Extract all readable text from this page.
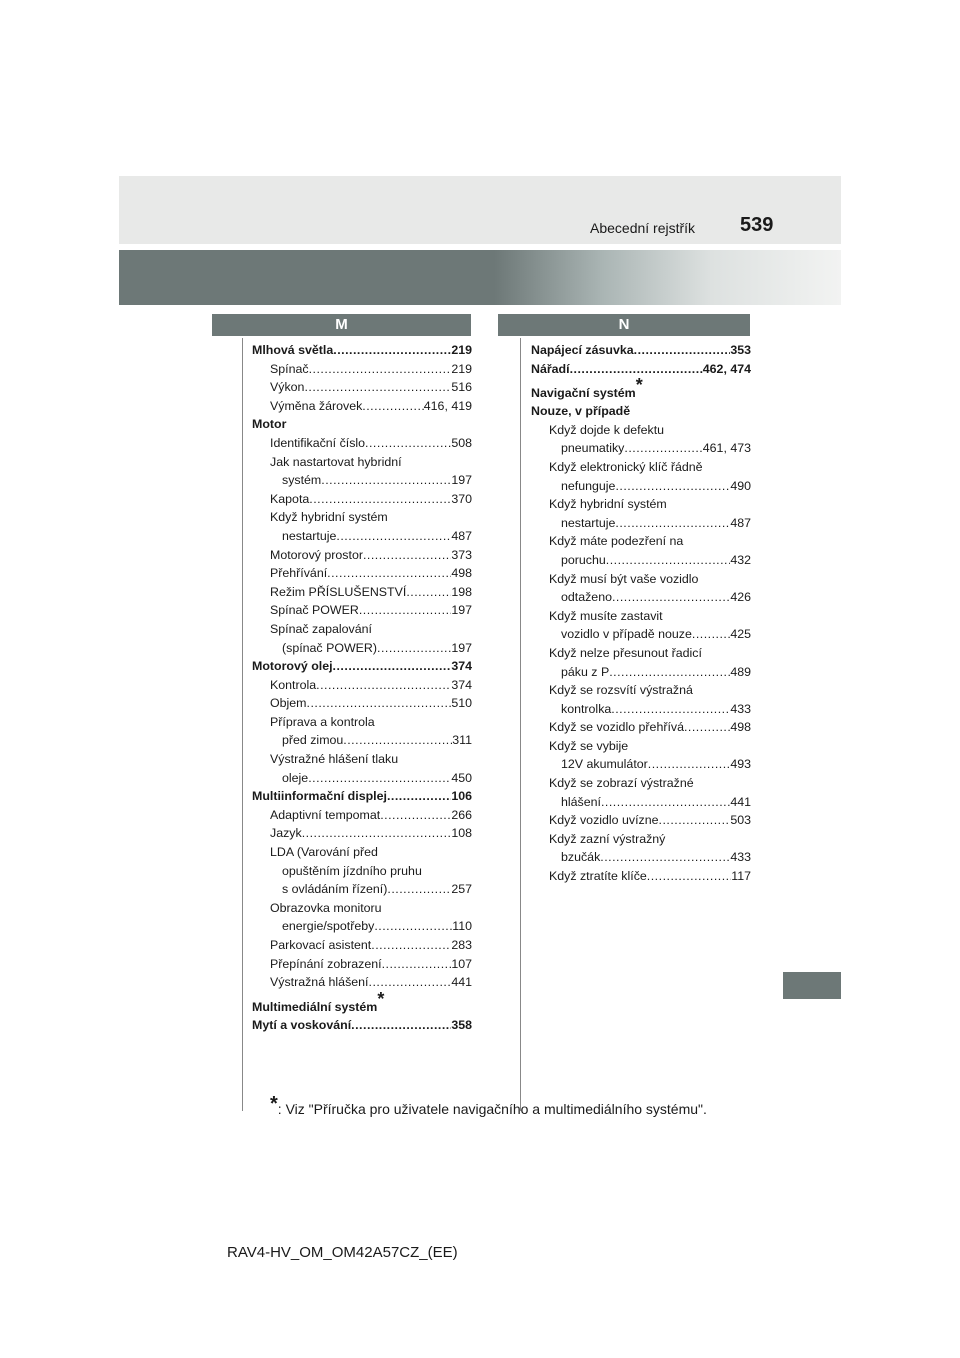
Abecední rejstřík 539
M	N
Mlhová světla .....	219
Spínač .....	219
Výkon .....	516
Výměna žárovek .....	416, 419
Motor
Identifikační číslo .....	508
Jak nastartovat hybridní
systém .....	197
Kapota .....	370
Když hybridní systém
nestartuje .....	487
Motorový prostor .....	373
Přehřívání .....	498
Režim PŘÍSLUŠENSTVÍ .....	198
Spínač POWER .....	197
Spínač zapalování
(spínač POWER) .....	197
Motorový olej .....	374
Kontrola .....	374
Objem .....	510
Příprava a kontrola
před zimou .....	311
Výstražné hlášení tlaku
oleje .....	450
Multiinformační displej .....	106
Adaptivní tempomat .....	266
Jazyk .....	108
LDA (Varování před
opuštěním jízdního pruhu
s ovládáním řízení) .....	257
Obrazovka monitoru
energie/spotřeby .....	110
Parkovací asistent .....	283
Přepínání zobrazení .....	107
Výstražná hlášení .....	441
Multimediální systém *
Mytí a voskování .....	358
Napájecí zásuvka .....	353
Nářadí .....	462, 474
Navigační systém *
Nouze, v případě
Když dojde k defektu
pneumatiky .....	461, 473
Když elektronický klíč řádně
nefunguje .....	490
Když hybridní systém
nestartuje .....	487
Když máte podezření na
poruchu .....	432
Když musí být vaše vozidlo
odtaženo .....	426
Když musíte zastavit
vozidlo v případě nouze .....	425
Když nelze přesunout řadicí
páku z P .....	489
Když se rozsvítí výstražná
kontrolka .....	433
Když se vozidlo přehřívá .....	498
Když se vybije
12V akumulátor .....	493
Když se zobrazí výstražné
hlášení .....	441
Když vozidlo uvízne .....	503
Když zazní výstražný
bzučák .....	433
Když ztratíte klíče .....	117
*: Viz "Příručka pro uživatele navigačního a multimediálního systému".
RAV4-HV_OM_OM42A57CZ_(EE)
